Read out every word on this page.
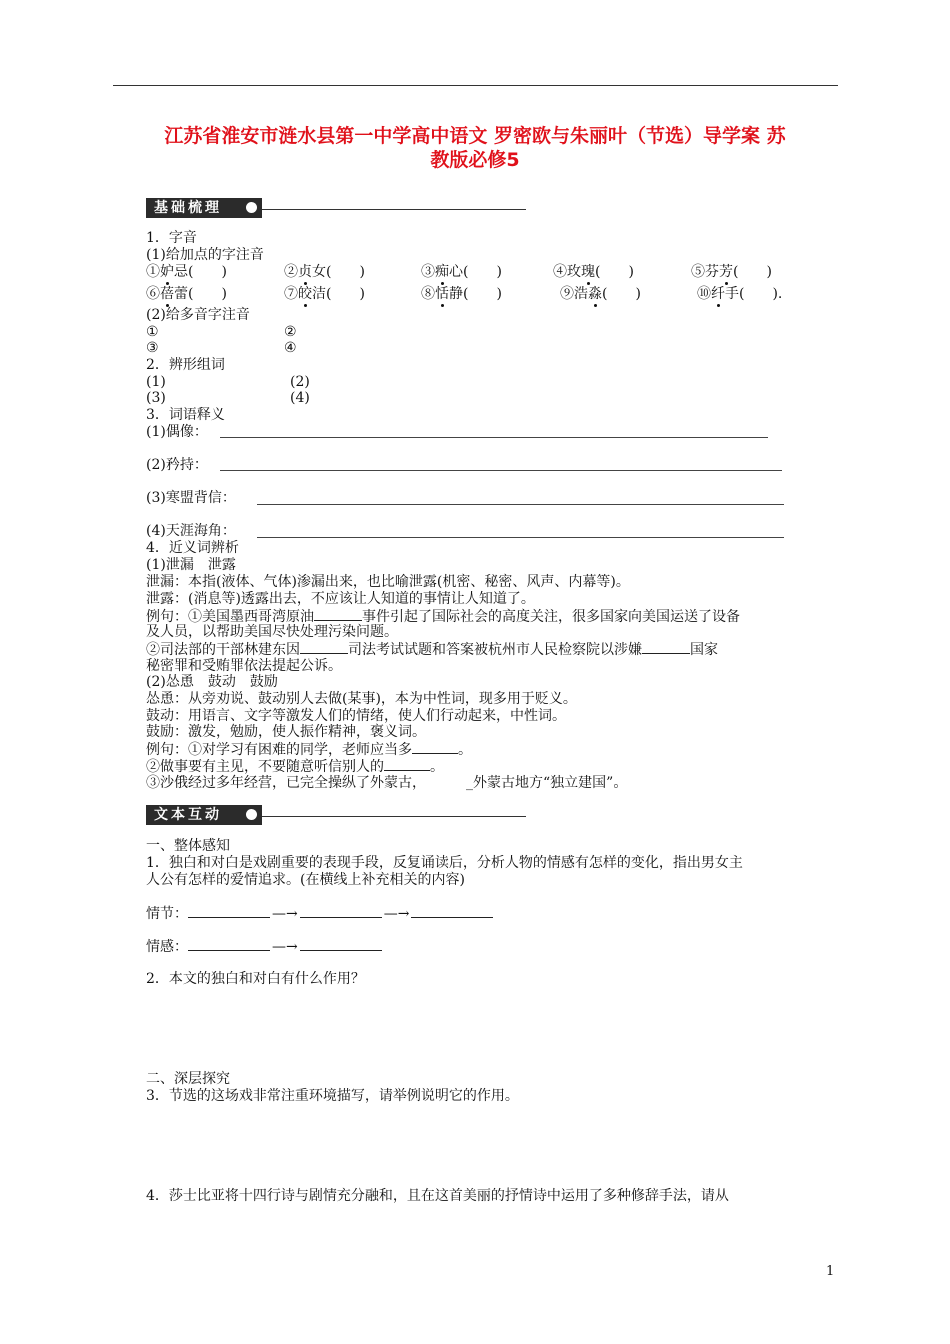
江苏省淮安市涟水县第一中学高中语文 罗密欧与朱丽叶（节选）导学案 苏
教版必修5
基础梳理
1．字音
(1)给加点的字注音
①妒忌(　　)	②贞女(　　)	③痴心(　　)	④玫瑰(　　)	⑤芬芳(　　)
⑥蓓蕾(　　)	⑦皎洁(　　)	⑧恬静(　　)	⑨浩淼(　　)	⑩纤手(　　).
(2)给多音字注音
①	②
③	④
2．辨形组词
(1)	(2)
(3)	(4)
3．词语释义
(1)偶像：
(2)矜持：
(3)寒盟背信：
(4)天涯海角：
4．近义词辨析
(1)泄漏　泄露
泄漏：本指(液体、气体)渗漏出来，也比喻泄露(机密、秘密、风声、内幕等)。
泄露：(消息等)透露出去，不应该让人知道的事情让人知道了。
例句：①美国墨西哥湾原油	事件引起了国际社会的高度关注，很多国家向美国运送了设备
及人员，以帮助美国尽快处理污染问题。
②司法部的干部林建东因	司法考试试题和答案被杭州市人民检察院以涉嫌	国家
秘密罪和受贿罪依法提起公诉。
(2)怂恿　鼓动　鼓励
怂恿：从旁劝说、鼓动别人去做(某事)，本为中性词，现多用于贬义。
鼓动：用语言、文字等激发人们的情绪，使人们行动起来，中性词。
鼓励：激发，勉励，使人振作精神，褒义词。
例句：①对学习有困难的同学，老师应当多	。
②做事要有主见，不要随意听信别人的	。
③沙俄经过多年经营，已完全操纵了外蒙古，	_外蒙古地方“独立建国”。
文本互动
一、整体感知
1．独白和对白是戏剧重要的表现手段，反复诵读后，分析人物的情感有怎样的变化，指出男女主
人公有怎样的爱情追求。(在横线上补充相关的内容)
情节：	—→	—→
情感：	—→
2．本文的独白和对白有什么作用？
二、深层探究
3．节选的这场戏非常注重环境描写，请举例说明它的作用。
4．莎士比亚将十四行诗与剧情充分融和，且在这首美丽的抒情诗中运用了多种修辞手法，请从
1
